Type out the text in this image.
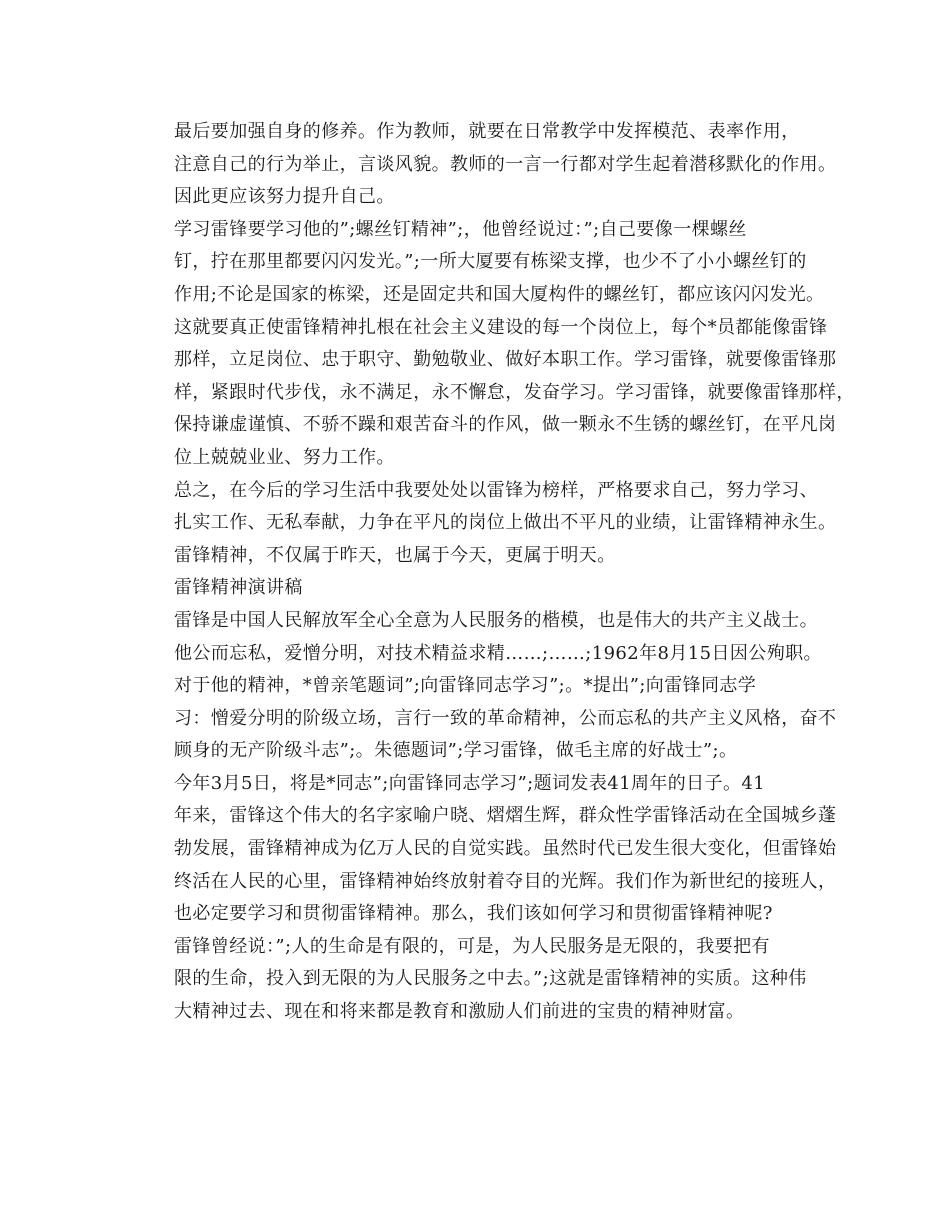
最后要加强自身的修养。作为教师，就要在日常教学中发挥模范、表率作用，
注意自己的行为举止，言谈风貌。教师的一言一行都对学生起着潜移默化的作用。
因此更应该努力提升自己。

学习雷锋要学习他的”;螺丝钉精神”;，他曾经说过：”;自己要像一棵螺丝
钉，拧在那里都要闪闪发光。”;一所大厦要有栋梁支撑，也少不了小小螺丝钉的
作用;不论是国家的栋梁，还是固定共和国大厦构件的螺丝钉，都应该闪闪发光。
这就要真正使雷锋精神扎根在社会主义建设的每一个岗位上，每个*员都能像雷锋
那样，立足岗位、忠于职守、勤勉敬业、做好本职工作。学习雷锋，就要像雷锋那
样，紧跟时代步伐，永不满足，永不懈怠，发奋学习。学习雷锋，就要像雷锋那样，
保持谦虚谨慎、不骄不躁和艰苦奋斗的作风，做一颗永不生锈的螺丝钉，在平凡岗
位上兢兢业业、努力工作。

总之，在今后的学习生活中我要处处以雷锋为榜样，严格要求自己，努力学习、
扎实工作、无私奉献，力争在平凡的岗位上做出不平凡的业绩，让雷锋精神永生。
雷锋精神，不仅属于昨天，也属于今天，更属于明天。

雷锋精神演讲稿

雷锋是中国人民解放军全心全意为人民服务的楷模，也是伟大的共产主义战士。
他公而忘私，爱憎分明，对技术精益求精……;……;1962年8月15日因公殉职。

对于他的精神，*曾亲笔题词”;向雷锋同志学习”;。*提出”;向雷锋同志学
习：憎爱分明的阶级立场，言行一致的革命精神，公而忘私的共产主义风格，奋不
顾身的无产阶级斗志”;。朱德题词”;学习雷锋，做毛主席的好战士”;。

今年3月5日，将是*同志”;向雷锋同志学习”;题词发表41周年的日子。41
年来，雷锋这个伟大的名字家喻户晓、熠熠生辉，群众性学雷锋活动在全国城乡蓬
勃发展，雷锋精神成为亿万人民的自觉实践。虽然时代已发生很大变化，但雷锋始
终活在人民的心里，雷锋精神始终放射着夺目的光辉。我们作为新世纪的接班人，
也必定要学习和贯彻雷锋精神。那么，我们该如何学习和贯彻雷锋精神呢?

雷锋曾经说：”;人的生命是有限的，可是，为人民服务是无限的，我要把有
限的生命，投入到无限的为人民服务之中去。”;这就是雷锋精神的实质。这种伟
大精神过去、现在和将来都是教育和激励人们前进的宝贵的精神财富。
